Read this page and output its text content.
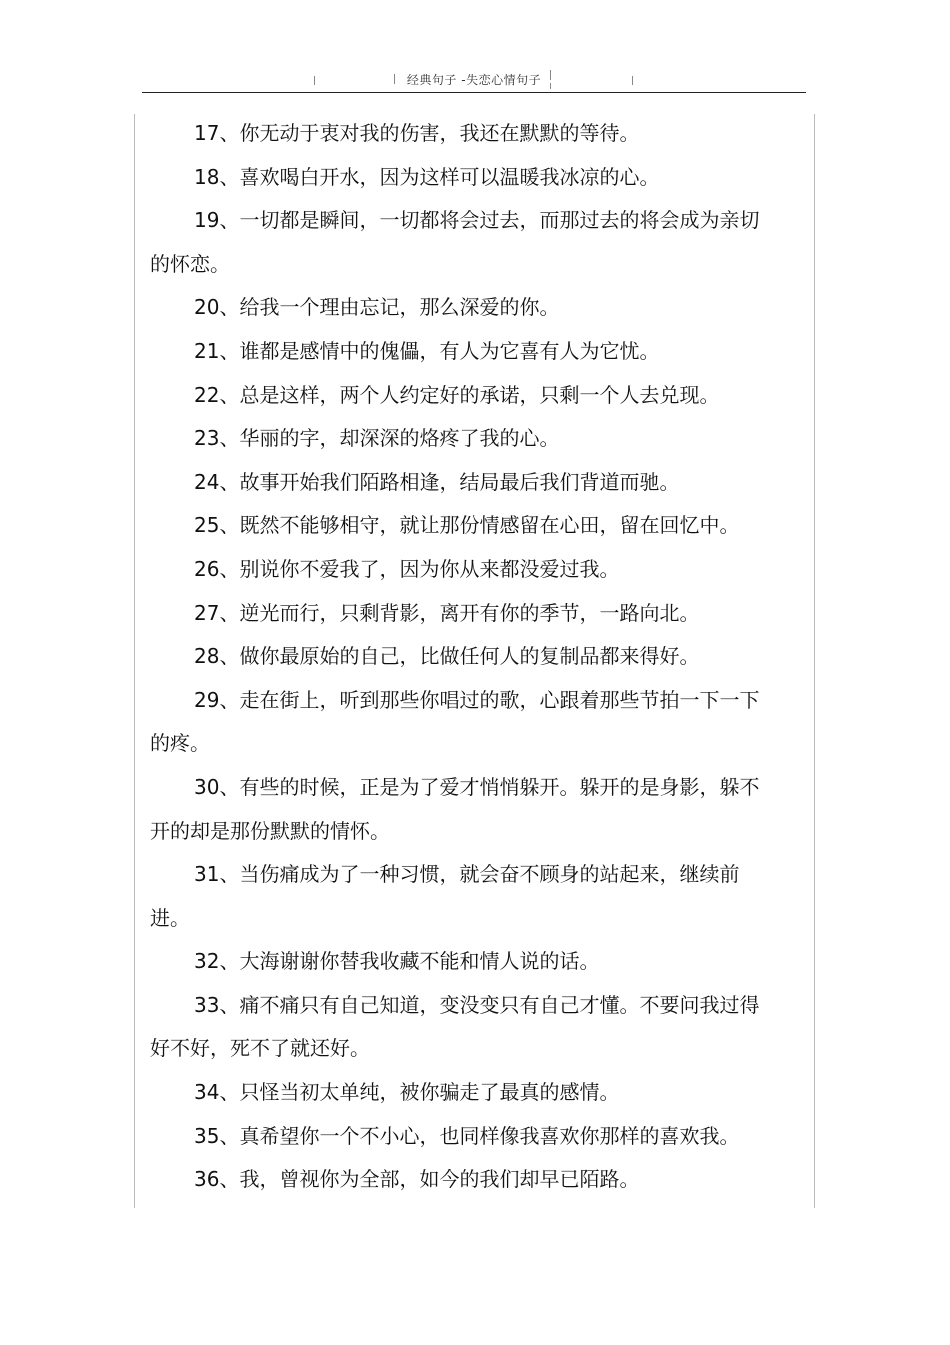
经典句子 -失恋心情句子

17、你无动于衷对我的伤害，我还在默默的等待。

18、喜欢喝白开水，因为这样可以温暖我冰凉的心。

19、一切都是瞬间，一切都将会过去，而那过去的将会成为亲切的怀恋。

20、给我一个理由忘记，那么深爱的你。

21、谁都是感情中的傀儡，有人为它喜有人为它忧。

22、总是这样，两个人约定好的承诺，只剩一个人去兑现。

23、华丽的字，却深深的烙疼了我的心。

24、故事开始我们陌路相逢，结局最后我们背道而驰。

25、既然不能够相守，就让那份情感留在心田，留在回忆中。

26、别说你不爱我了，因为你从来都没爱过我。

27、逆光而行，只剩背影，离开有你的季节，一路向北。

28、做你最原始的自己，比做任何人的复制品都来得好。

29、走在街上，听到那些你唱过的歌，心跟着那些节拍一下一下的疼。

30、有些的时候，正是为了爱才悄悄躲开。躲开的是身影，躲不开的却是那份默默的情怀。

31、当伤痛成为了一种习惯，就会奋不顾身的站起来，继续前进。

32、大海谢谢你替我收藏不能和情人说的话。

33、痛不痛只有自己知道，变没变只有自己才懂。不要问我过得好不好，死不了就还好。

34、只怪当初太单纯，被你骗走了最真的感情。

35、真希望你一个不小心，也同样像我喜欢你那样的喜欢我。

36、我，曾视你为全部，如今的我们却早已陌路。
